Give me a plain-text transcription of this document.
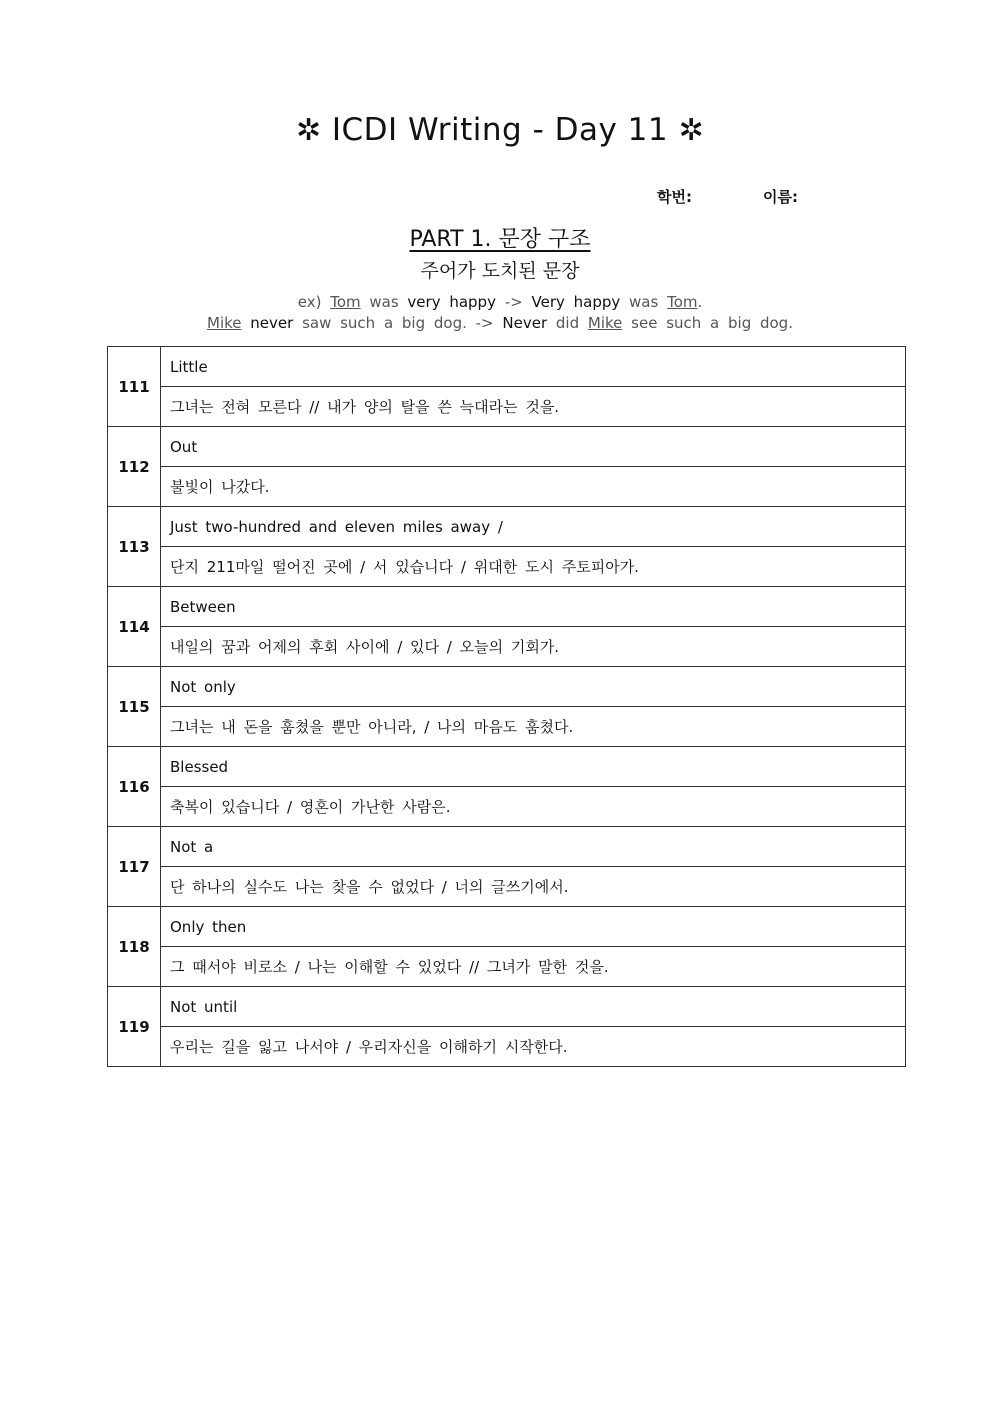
✲ ICDI Writing - Day 11 ✲
학번:	이름:
PART 1. 문장 구조
주어가 도치된 문장
ex) Tom was very happy -> Very happy was Tom.
Mike never saw such a big dog. -> Never did Mike see such a big dog.
111	Little
	그녀는 전혀 모른다 // 내가 양의 탈을 쓴 늑대라는 것을.
112	Out
	불빛이 나갔다.
113	Just two-hundred and eleven miles away /
	단지 211마일 떨어진 곳에 / 서 있습니다 / 위대한 도시 주토피아가.
114	Between
	내일의 꿈과 어제의 후회 사이에 / 있다 / 오늘의 기회가.
115	Not only
	그녀는 내 돈을 훔쳤을 뿐만 아니라, / 나의 마음도 훔쳤다.
116	Blessed
	축복이 있습니다 / 영혼이 가난한 사람은.
117	Not a
	단 하나의 실수도 나는 찾을 수 없었다 / 너의 글쓰기에서.
118	Only then
	그 때서야 비로소 / 나는 이해할 수 있었다 // 그녀가 말한 것을.
119	Not until
	우리는 길을 잃고 나서야 / 우리자신을 이해하기 시작한다.
